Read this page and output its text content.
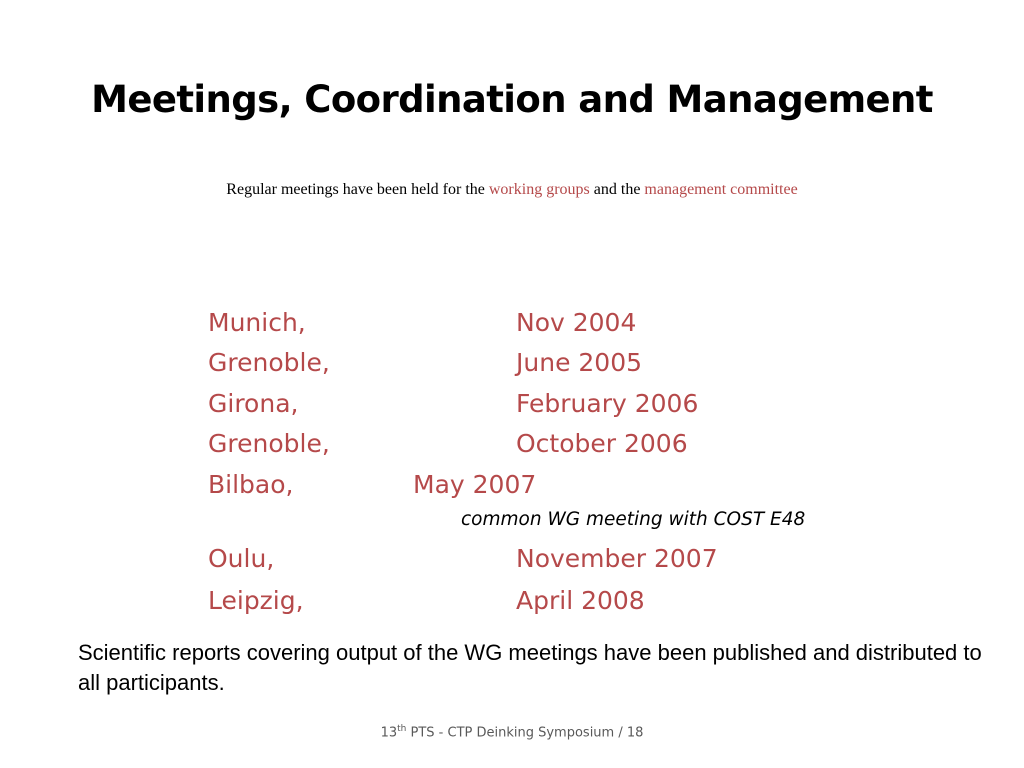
Meetings, Coordination and Management
Regular meetings have been held for the working groups and the management committee
Munich,	Nov 2004
Grenoble,	June 2005
Girona,	February 2006
Grenoble,	October 2006
Bilbao,	May 2007
common WG meeting with COST E48
Oulu,	November 2007
Leipzig,	April 2008
Scientific reports covering output of the WG meetings have been published and distributed to all participants.
13th PTS - CTP Deinking Symposium / 18
